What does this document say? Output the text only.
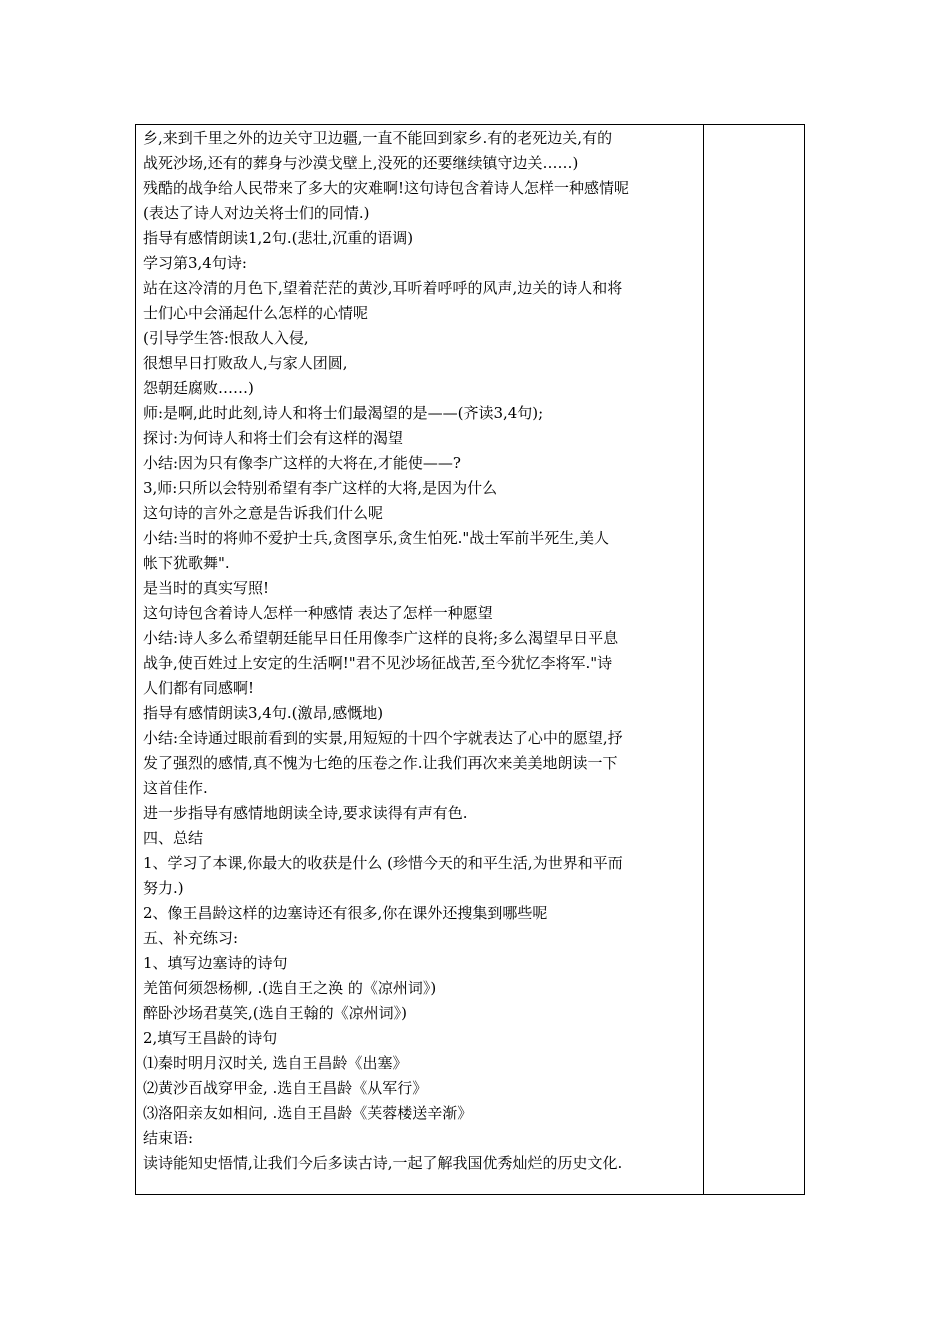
乡,来到千里之外的边关守卫边疆,一直不能回到家乡.有的老死边关,有的
战死沙场,还有的葬身与沙漠戈壁上,没死的还要继续镇守边关……)
残酷的战争给人民带来了多大的灾难啊!这句诗包含着诗人怎样一种感情呢
(表达了诗人对边关将士们的同情.)
指导有感情朗读1,2句.(悲壮,沉重的语调)
学习第3,4句诗:
站在这冷清的月色下,望着茫茫的黄沙,耳听着呼呼的风声,边关的诗人和将
士们心中会涌起什么怎样的心情呢
(引导学生答:恨敌人入侵,
很想早日打败敌人,与家人团圆,
怨朝廷腐败……)
师:是啊,此时此刻,诗人和将士们最渴望的是——(齐读3,4句);
探讨:为何诗人和将士们会有这样的渴望
小结:因为只有像李广这样的大将在,才能使——?
3,师:只所以会特别希望有李广这样的大将,是因为什么
这句诗的言外之意是告诉我们什么呢
小结:当时的将帅不爱护士兵,贪图享乐,贪生怕死."战士军前半死生,美人
帐下犹歌舞".
是当时的真实写照!
这句诗包含着诗人怎样一种感情 表达了怎样一种愿望
小结:诗人多么希望朝廷能早日任用像李广这样的良将;多么渴望早日平息
战争,使百姓过上安定的生活啊!"君不见沙场征战苦,至今犹忆李将军."诗
人们都有同感啊!
指导有感情朗读3,4句.(激昂,感慨地)
小结:全诗通过眼前看到的实景,用短短的十四个字就表达了心中的愿望,抒
发了强烈的感情,真不愧为七绝的压卷之作.让我们再次来美美地朗读一下
这首佳作.
进一步指导有感情地朗读全诗,要求读得有声有色.
四、总结
1、学习了本课,你最大的收获是什么 (珍惜今天的和平生活,为世界和平而
努力.)
2、像王昌龄这样的边塞诗还有很多,你在课外还搜集到哪些呢
五、补充练习:
1、填写边塞诗的诗句
羌笛何须怨杨柳, .(选自王之涣 的《凉州词》)
醉卧沙场君莫笑,(选自王翰的《凉州词》)
2,填写王昌龄的诗句
⑴秦时明月汉时关, 选自王昌龄《出塞》
⑵黄沙百战穿甲金, .选自王昌龄《从军行》
⑶洛阳亲友如相问, .选自王昌龄《芙蓉楼送辛渐》
结束语:
读诗能知史悟情,让我们今后多读古诗,一起了解我国优秀灿烂的历史文化.
